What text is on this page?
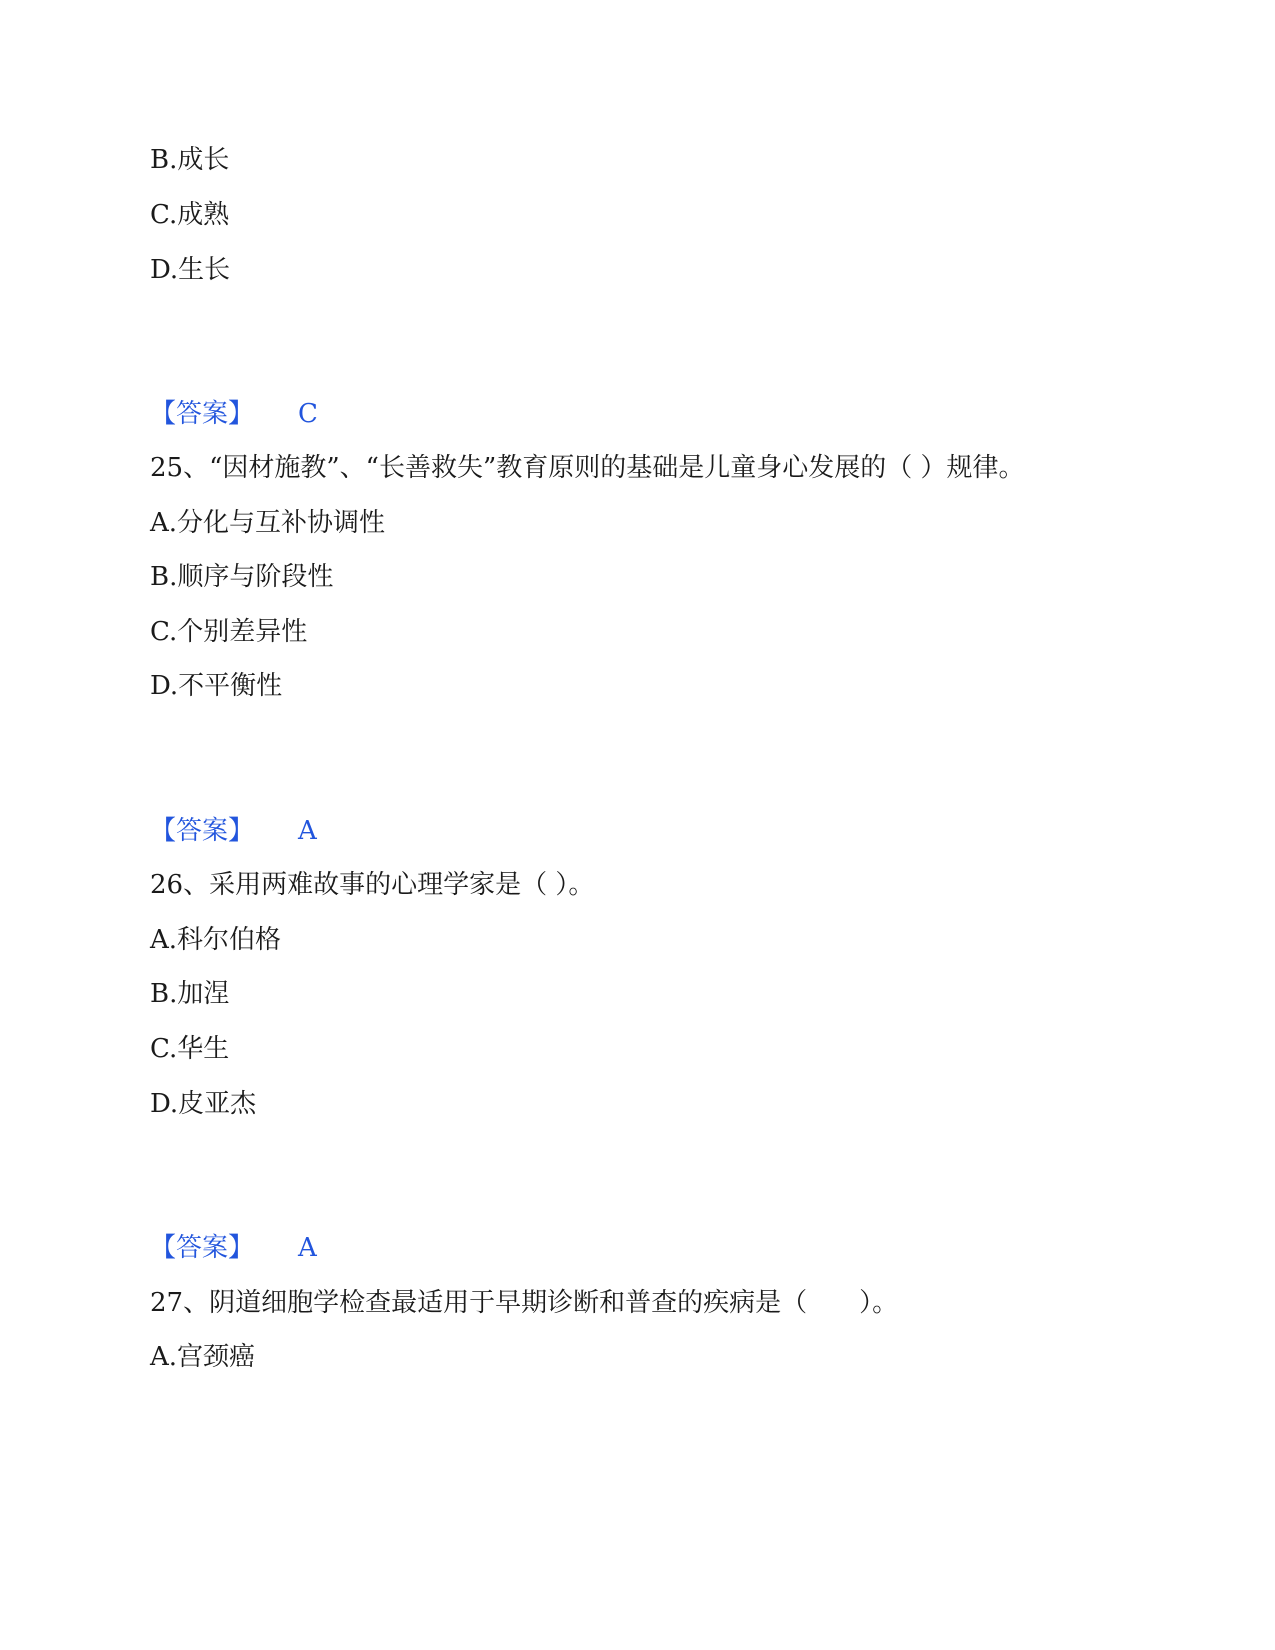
B.成长
C.成熟
D.生长
【答案】 C
25、“因材施教”、“长善救失”教育原则的基础是儿童身心发展的（ ）规律。
A.分化与互补协调性
B.顺序与阶段性
C.个别差异性
D.不平衡性
【答案】 A
26、采用两难故事的心理学家是（ ）。
A.科尔伯格
B.加涅
C.华生
D.皮亚杰
【答案】 A
27、阴道细胞学检查最适用于早期诊断和普查的疾病是（　　）。
A.宫颈癌
